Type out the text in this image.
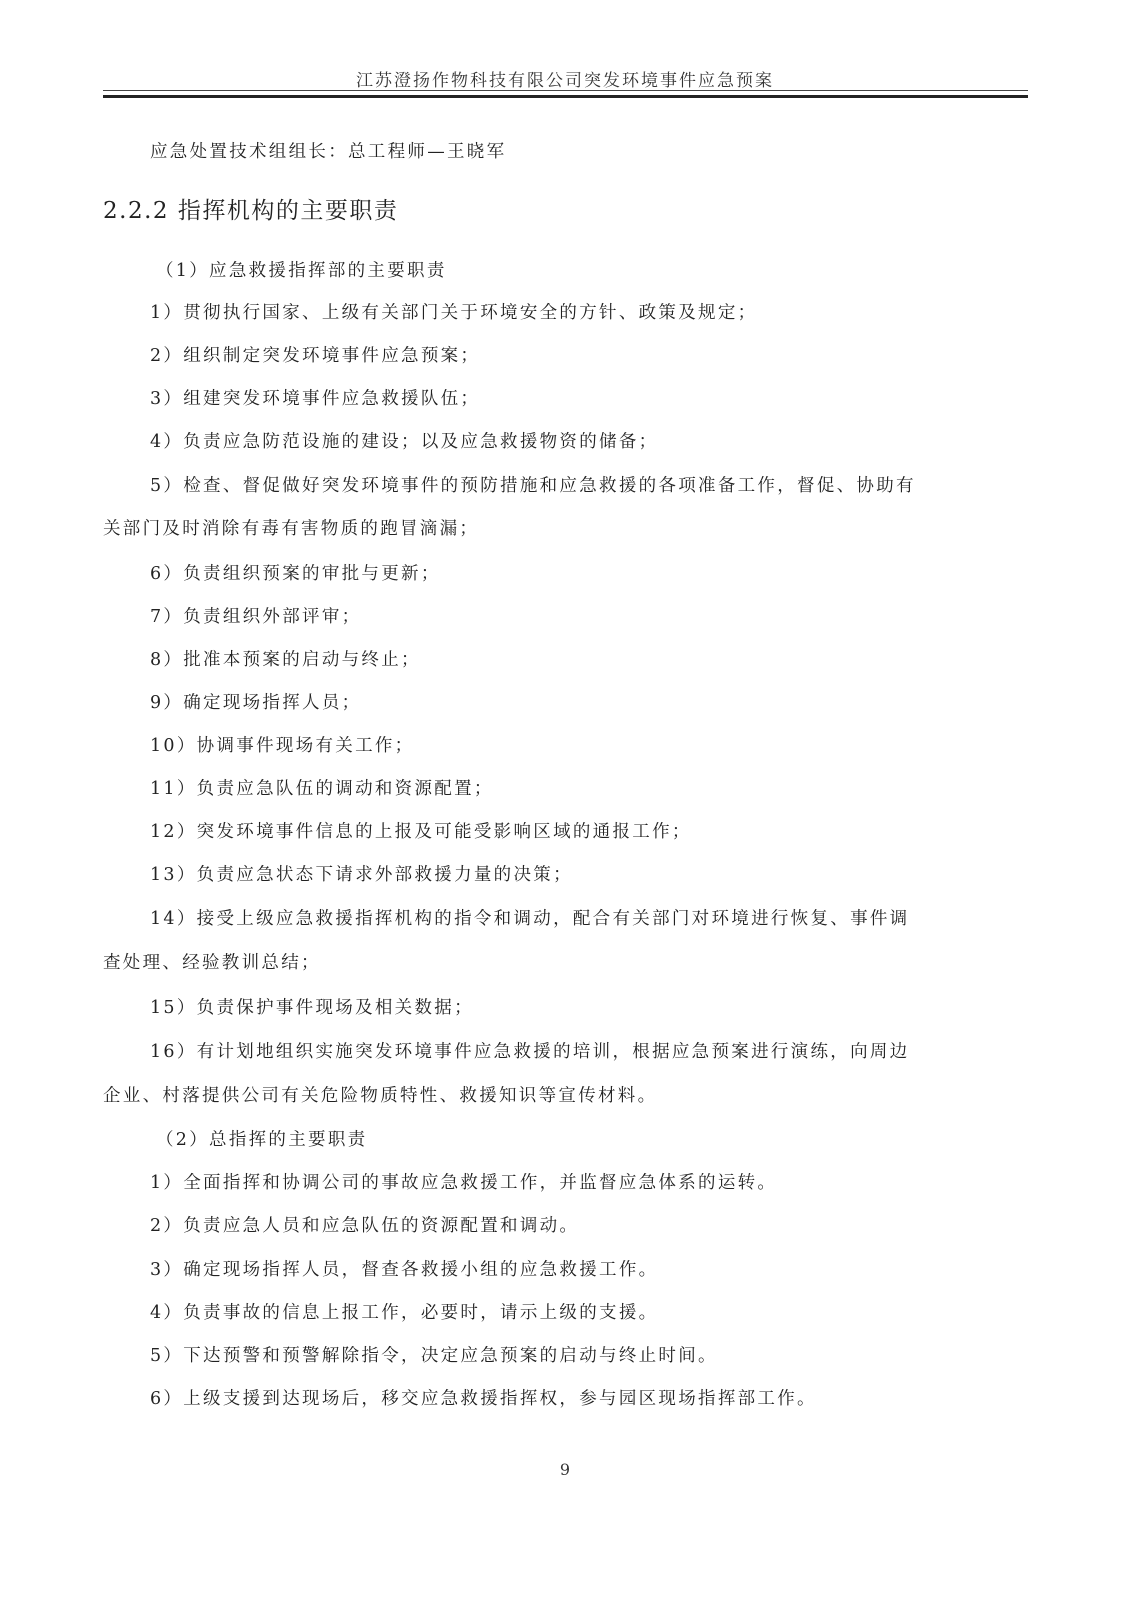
江苏澄扬作物科技有限公司突发环境事件应急预案
应急处置技术组组长：总工程师—王晓军
2.2.2 指挥机构的主要职责
（1）应急救援指挥部的主要职责
1）贯彻执行国家、上级有关部门关于环境安全的方针、政策及规定；
2）组织制定突发环境事件应急预案；
3）组建突发环境事件应急救援队伍；
4）负责应急防范设施的建设；以及应急救援物资的储备；
5）检查、督促做好突发环境事件的预防措施和应急救援的各项准备工作，督促、协助有
关部门及时消除有毒有害物质的跑冒滴漏；
6）负责组织预案的审批与更新；
7）负责组织外部评审；
8）批准本预案的启动与终止；
9）确定现场指挥人员；
10）协调事件现场有关工作；
11）负责应急队伍的调动和资源配置；
12）突发环境事件信息的上报及可能受影响区域的通报工作；
13）负责应急状态下请求外部救援力量的决策；
14）接受上级应急救援指挥机构的指令和调动，配合有关部门对环境进行恢复、事件调
查处理、经验教训总结；
15）负责保护事件现场及相关数据；
16）有计划地组织实施突发环境事件应急救援的培训，根据应急预案进行演练，向周边
企业、村落提供公司有关危险物质特性、救援知识等宣传材料。
（2）总指挥的主要职责
1）全面指挥和协调公司的事故应急救援工作，并监督应急体系的运转。
2）负责应急人员和应急队伍的资源配置和调动。
3）确定现场指挥人员，督查各救援小组的应急救援工作。
4）负责事故的信息上报工作，必要时，请示上级的支援。
5）下达预警和预警解除指令，决定应急预案的启动与终止时间。
6）上级支援到达现场后，移交应急救援指挥权，参与园区现场指挥部工作。
9
